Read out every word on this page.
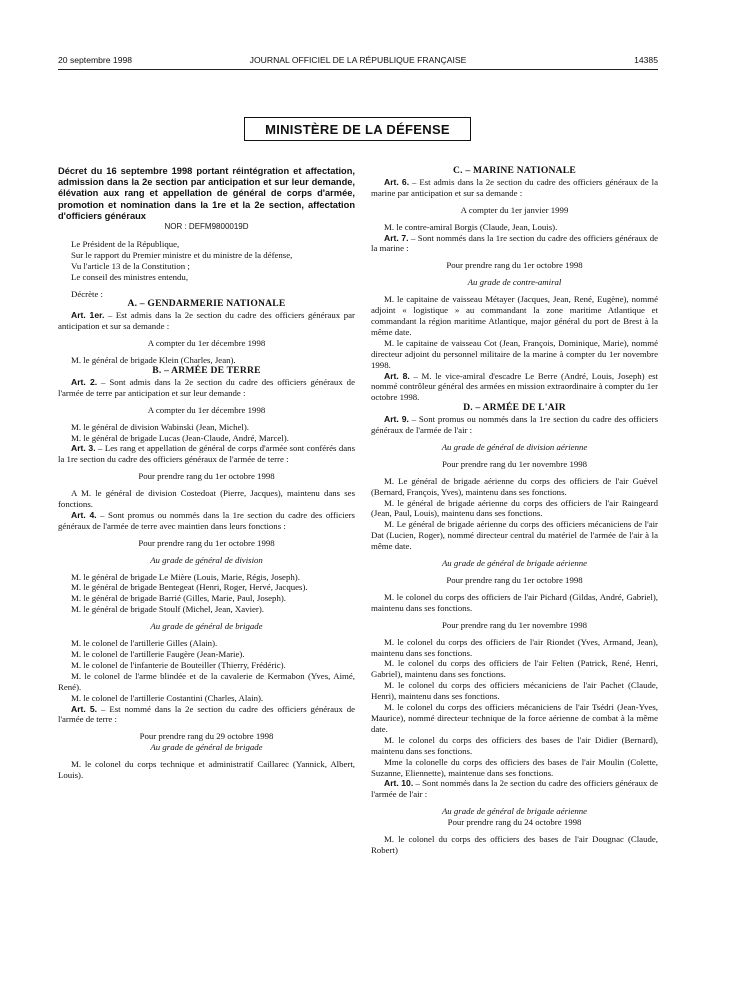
20 septembre 1998	JOURNAL OFFICIEL DE LA RÉPUBLIQUE FRANÇAISE	14385
MINISTÈRE DE LA DÉFENSE

Décret du 16 septembre 1998 portant réintégration et affectation, admission dans la 2e section par anticipation et sur leur demande, élévation aux rang et appellation de général de corps d'armée, promotion et nomination dans la 1re et la 2e section, affectation d'officiers généraux

NOR : DEFM9800019D

Le Président de la République,

Sur le rapport du Premier ministre et du ministre de la défense,

Vu l'article 13 de la Constitution ;

Le conseil des ministres entendu,

Décrète :

A. – GENDARMERIE NATIONALE

Art. 1er. – Est admis dans la 2e section du cadre des officiers généraux par anticipation et sur sa demande :

A compter du 1er décembre 1998

M. le général de brigade Klein (Charles, Jean).

B. – ARMÉE DE TERRE

Art. 2. – Sont admis dans la 2e section du cadre des officiers généraux de l'armée de terre par anticipation et sur leur demande :

A compter du 1er décembre 1998

M. le général de division Wabinski (Jean, Michel).

M. le général de brigade Lucas (Jean-Claude, André, Marcel).

Art. 3. – Les rang et appellation de général de corps d'armée sont conférés dans la 1re section du cadre des officiers généraux de l'armée de terre :

Pour prendre rang du 1er octobre 1998

A M. le général de division Costedoat (Pierre, Jacques), maintenu dans ses fonctions.

Art. 4. – Sont promus ou nommés dans la 1re section du cadre des officiers généraux de l'armée de terre avec maintien dans leurs fonctions :

Pour prendre rang du 1er octobre 1998

Au grade de général de division

M. le général de brigade Le Mière (Louis, Marie, Régis, Joseph).

M. le général de brigade Bentegeat (Henri, Roger, Hervé, Jacques).

M. le général de brigade Barrié (Gilles, Marie, Paul, Joseph).

M. le général de brigade Stoulf (Michel, Jean, Xavier).

Au grade de général de brigade

M. le colonel de l'artillerie Gilles (Alain).

M. le colonel de l'artillerie Faugère (Jean-Marie).

M. le colonel de l'infanterie de Bouteiller (Thierry, Frédéric).

M. le colonel de l'arme blindée et de la cavalerie de Kermabon (Yves, Aimé, René).

M. le colonel de l'artillerie Costantini (Charles, Alain).

Art. 5. – Est nommé dans la 2e section du cadre des officiers généraux de l'armée de terre :

Pour prendre rang du 29 octobre 1998

Au grade de général de brigade

M. le colonel du corps technique et administratif Caillarec (Yannick, Albert, Louis).

C. – MARINE NATIONALE

Art. 6. – Est admis dans la 2e section du cadre des officiers généraux de la marine par anticipation et sur sa demande :

A compter du 1er janvier 1999

M. le contre-amiral Borgis (Claude, Jean, Louis).

Art. 7. – Sont nommés dans la 1re section du cadre des officiers généraux de la marine :

Pour prendre rang du 1er octobre 1998

Au grade de contre-amiral

M. le capitaine de vaisseau Métayer (Jacques, Jean, René, Eugène), nommé adjoint « logistique » au commandant la zone maritime Atlantique et commandant la région maritime Atlantique, major général du port de Brest à la même date.

M. le capitaine de vaisseau Cot (Jean, François, Dominique, Marie), nommé directeur adjoint du personnel militaire de la marine à compter du 1er novembre 1998.

Art. 8. – M. le vice-amiral d'escadre Le Berre (André, Louis, Joseph) est nommé contrôleur général des armées en mission extraordinaire à compter du 1er octobre 1998.

D. – ARMÉE DE L'AIR

Art. 9. – Sont promus ou nommés dans la 1re section du cadre des officiers généraux de l'armée de l'air :

Au grade de général de division aérienne

Pour prendre rang du 1er novembre 1998

M. Le général de brigade aérienne du corps des officiers de l'air Guével (Bernard, François, Yves), maintenu dans ses fonctions.

M. le général de brigade aérienne du corps des officiers de l'air Raingeard (Jean, Paul, Louis), maintenu dans ses fonctions.

M. Le général de brigade aérienne du corps des officiers mécaniciens de l'air Dat (Lucien, Roger), nommé directeur central du matériel de l'armée de l'air à la même date.

Au grade de général de brigade aérienne

Pour prendre rang du 1er octobre 1998

M. le colonel du corps des officiers de l'air Pichard (Gildas, André, Gabriel), maintenu dans ses fonctions.

Pour prendre rang du 1er novembre 1998

M. le colonel du corps des officiers de l'air Riondet (Yves, Armand, Jean), maintenu dans ses fonctions.

M. le colonel du corps des officiers de l'air Felten (Patrick, René, Henri, Gabriel), maintenu dans ses fonctions.

M. le colonel du corps des officiers mécaniciens de l'air Pachet (Claude, Henri), maintenu dans ses fonctions.

M. le colonel du corps des officiers mécaniciens de l'air Tsédri (Jean-Yves, Maurice), nommé directeur technique de la force aérienne de combat à la même date.

M. le colonel du corps des officiers des bases de l'air Didier (Bernard), maintenu dans ses fonctions.

Mme la colonelle du corps des officiers des bases de l'air Moulin (Colette, Suzanne, Eliennette), maintenue dans ses fonctions.

Art. 10. – Sont nommés dans la 2e section du cadre des officiers généraux de l'armée de l'air :

Au grade de général de brigade aérienne

Pour prendre rang du 24 octobre 1998

M. le colonel du corps des officiers des bases de l'air Dougnac (Claude, Robert)
